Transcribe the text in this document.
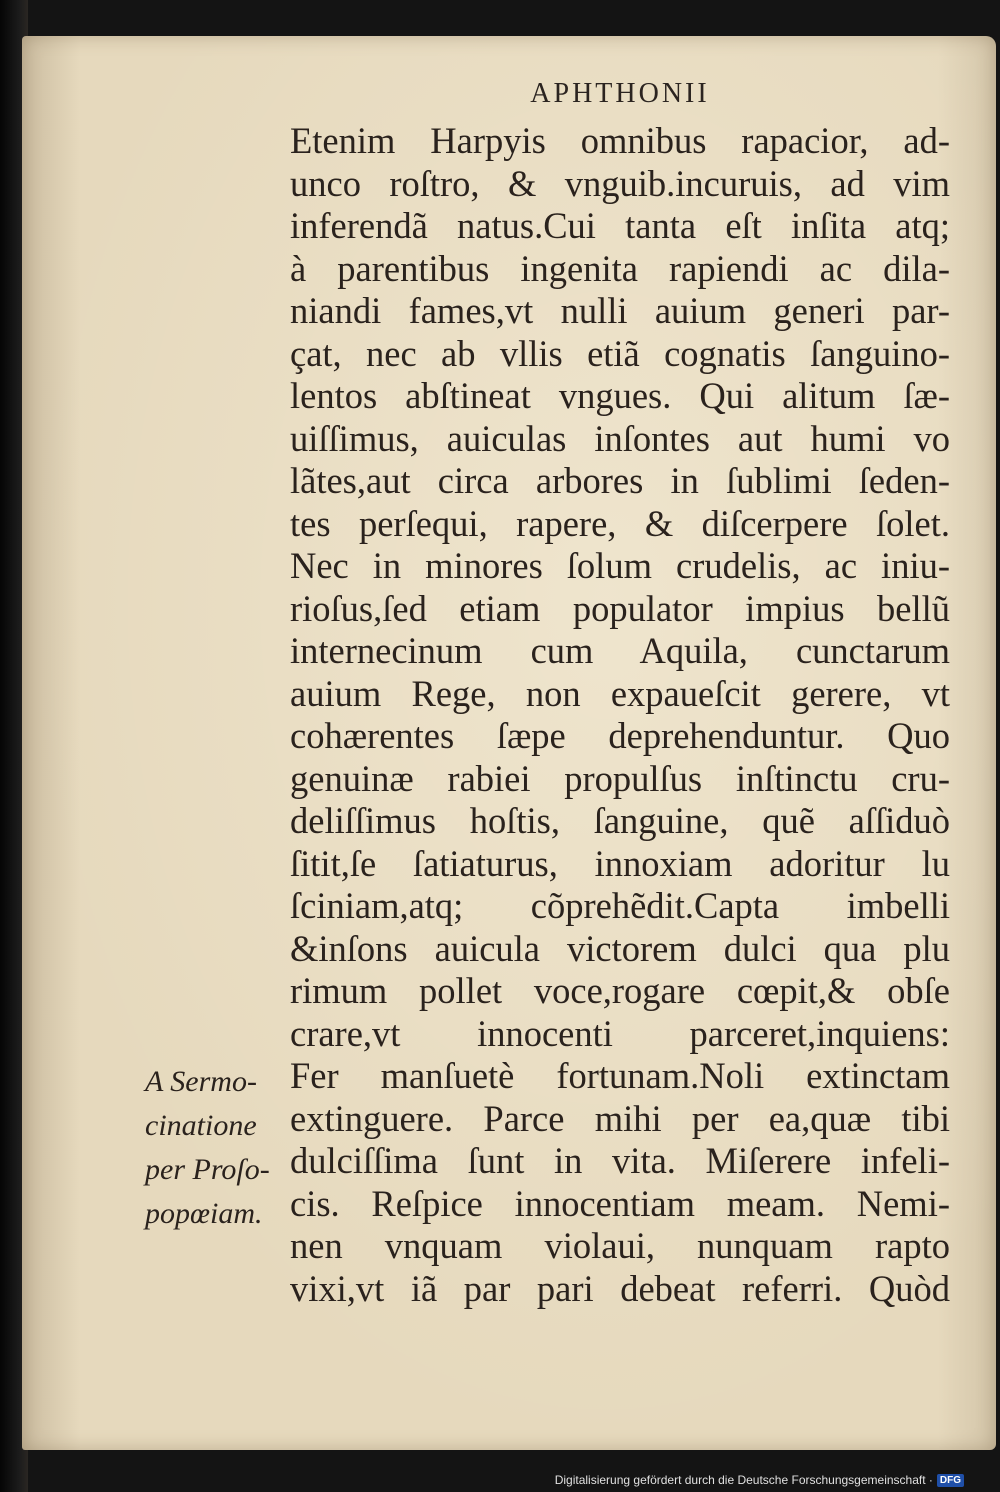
APHTHONII
Etenim Harpyis omnibus rapacior, ad-
unco roſtro, & vnguib.incuruis, ad vim
inferendã natus.Cui tanta eſt inſita atq;
à parentibus ingenita rapiendi ac dila-
niandi fames,vt nulli auium generi par-
çat, nec ab vllis etiã cognatis ſanguino-
lentos abſtineat vngues. Qui alitum ſæ-
uiſſimus, auiculas inſontes aut humi vo
lãtes,aut circa arbores in ſublimi ſeden-
tes perſequi, rapere, & diſcerpere ſolet.
Nec in minores ſolum crudelis, ac iniu-
rioſus,ſed etiam populator impius bellũ
internecinum cum Aquila, cunctarum
auium Rege, non expaueſcit gerere, vt
cohærentes ſæpe deprehenduntur. Quo
genuinæ rabiei propulſus inſtinctu cru-
deliſſimus hoſtis, ſanguine, quẽ aſſiduò
ſitit,ſe ſatiaturus, innoxiam adoritur lu
ſciniam,atq; cõprehẽdit.Capta imbelli
&inſons auicula victorem dulci qua plu
rimum pollet voce,rogare cœpit,& obſe
crare,vt innocenti parceret,inquiens:
Fer manſuetè fortunam.Noli extinctam
extinguere. Parce mihi per ea,quæ tibi
dulciſſima ſunt in vita. Miſerere infeli-
cis. Reſpice innocentiam meam. Nemi-
nen vnquam violaui, nunquam rapto
vixi,vt iã par pari debeat referri. Quòd
A Sermo-
cinatione
per Proſo-
popœiam.
Digitalisierung gefördert durch die Deutsche Forschungsgemeinschaft · DFG
